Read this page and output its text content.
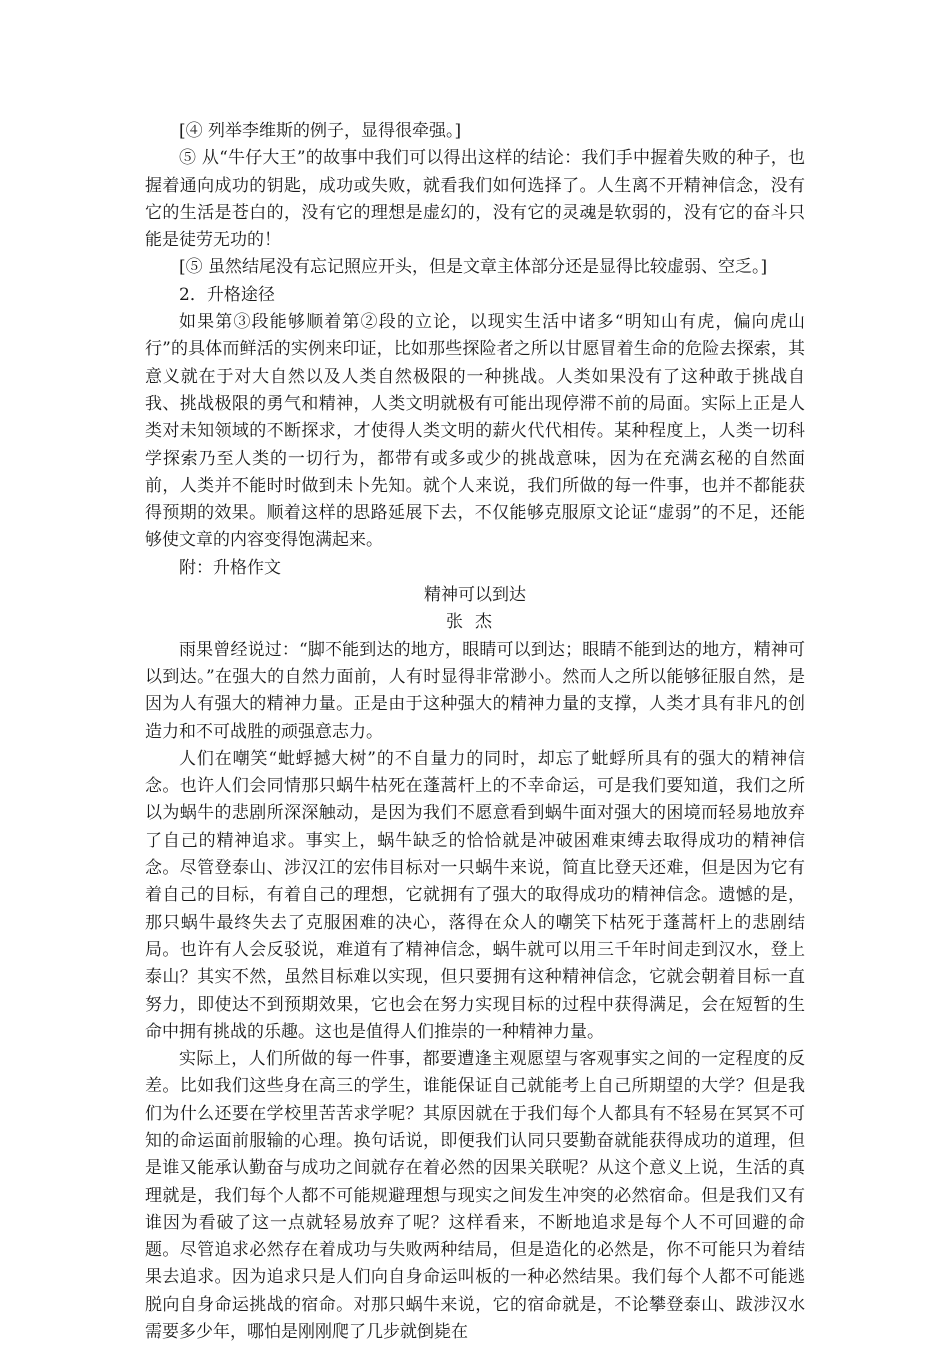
[④ 列举李维斯的例子，显得很牵强。]

⑤ 从“牛仔大王”的故事中我们可以得出这样的结论：我们手中握着失败的种子，也握着通向成功的钥匙，成功或失败，就看我们如何选择了。人生离不开精神信念，没有它的生活是苍白的，没有它的理想是虚幻的，没有它的灵魂是软弱的，没有它的奋斗只能是徒劳无功的！

[⑤ 虽然结尾没有忘记照应开头，但是文章主体部分还是显得比较虚弱、空乏。]

2．升格途径

如果第③段能够顺着第②段的立论，以现实生活中诸多“明知山有虎，偏向虎山行”的具体而鲜活的实例来印证，比如那些探险者之所以甘愿冒着生命的危险去探索，其意义就在于对大自然以及人类自然极限的一种挑战。人类如果没有了这种敢于挑战自我、挑战极限的勇气和精神，人类文明就极有可能出现停滞不前的局面。实际上正是人类对未知领域的不断探求，才使得人类文明的薪火代代相传。某种程度上，人类一切科学探索乃至人类的一切行为，都带有或多或少的挑战意味，因为在充满玄秘的自然面前，人类并不能时时做到未卜先知。就个人来说，我们所做的每一件事，也并不都能获得预期的效果。顺着这样的思路延展下去，不仅能够克服原文论证“虚弱”的不足，还能够使文章的内容变得饱满起来。

附：升格作文

精神可以到达

张杰

雨果曾经说过：“脚不能到达的地方，眼睛可以到达；眼睛不能到达的地方，精神可以到达。”在强大的自然力面前，人有时显得非常渺小。然而人之所以能够征服自然，是因为人有强大的精神力量。正是由于这种强大的精神力量的支撑，人类才具有非凡的创造力和不可战胜的顽强意志力。

人们在嘲笑“蚍蜉撼大树”的不自量力的同时，却忘了蚍蜉所具有的强大的精神信念。也许人们会同情那只蜗牛枯死在蓬蒿杆上的不幸命运，可是我们要知道，我们之所以为蜗牛的悲剧所深深触动，是因为我们不愿意看到蜗牛面对强大的困境而轻易地放弃了自己的精神追求。事实上，蜗牛缺乏的恰恰就是冲破困难束缚去取得成功的精神信念。尽管登泰山、涉汉江的宏伟目标对一只蜗牛来说，简直比登天还难，但是因为它有着自己的目标，有着自己的理想，它就拥有了强大的取得成功的精神信念。遗憾的是，那只蜗牛最终失去了克服困难的决心，落得在众人的嘲笑下枯死于蓬蒿杆上的悲剧结局。也许有人会反驳说，难道有了精神信念，蜗牛就可以用三千年时间走到汉水，登上泰山？其实不然，虽然目标难以实现，但只要拥有这种精神信念，它就会朝着目标一直努力，即使达不到预期效果，它也会在努力实现目标的过程中获得满足，会在短暂的生命中拥有挑战的乐趣。这也是值得人们推崇的一种精神力量。

实际上，人们所做的每一件事，都要遭逢主观愿望与客观事实之间的一定程度的反差。比如我们这些身在高三的学生，谁能保证自己就能考上自己所期望的大学？但是我们为什么还要在学校里苦苦求学呢？其原因就在于我们每个人都具有不轻易在冥冥不可知的命运面前服输的心理。换句话说，即便我们认同只要勤奋就能获得成功的道理，但是谁又能承认勤奋与成功之间就存在着必然的因果关联呢？从这个意义上说，生活的真理就是，我们每个人都不可能规避理想与现实之间发生冲突的必然宿命。但是我们又有谁因为看破了这一点就轻易放弃了呢？这样看来，不断地追求是每个人不可回避的命题。尽管追求必然存在着成功与失败两种结局，但是造化的必然是，你不可能只为着结果去追求。因为追求只是人们向自身命运叫板的一种必然结果。我们每个人都不可能逃脱向自身命运挑战的宿命。对那只蜗牛来说，它的宿命就是，不论攀登泰山、跋涉汉水需要多少年，哪怕是刚刚爬了几步就倒毙在
